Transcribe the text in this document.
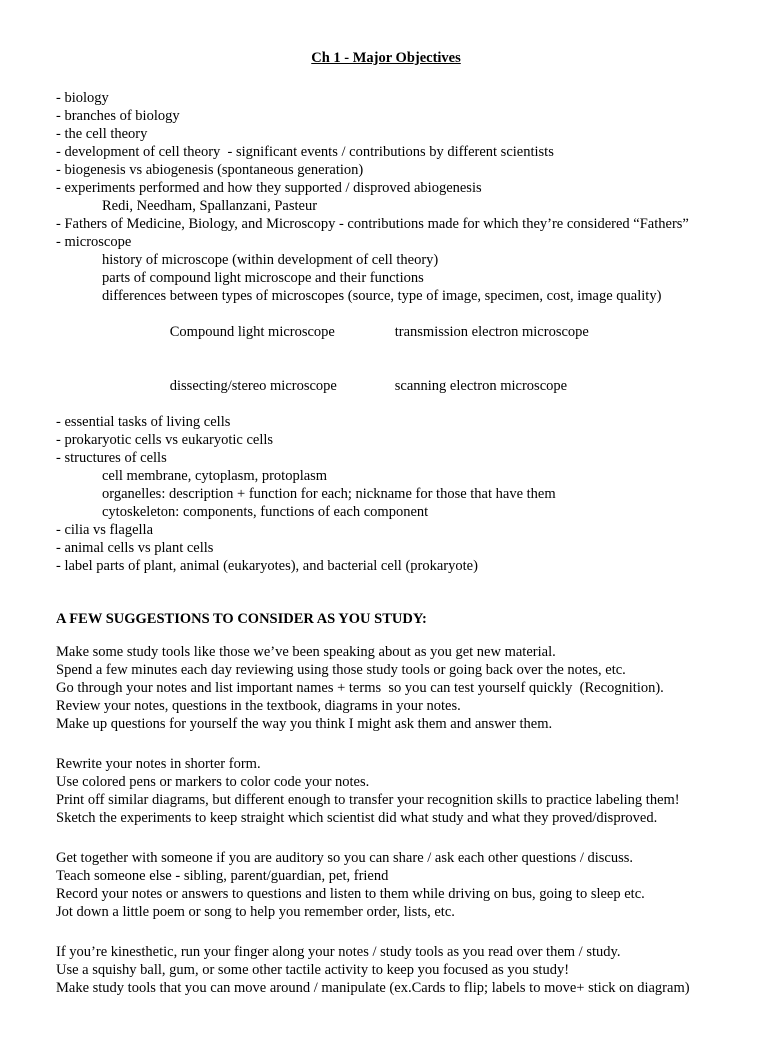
Ch 1 - Major Objectives
- biology
- branches of biology
- the cell theory
- development of cell theory  - significant events / contributions by different scientists
- biogenesis vs abiogenesis (spontaneous generation)
- experiments performed and how they supported / disproved abiogenesis
Redi, Needham, Spallanzani, Pasteur
- Fathers of Medicine, Biology, and Microscopy - contributions made for which they’re considered “Fathers”
- microscope
history of microscope (within development of cell theory)
parts of compound light microscope and their functions
differences between types of microscopes (source, type of image, specimen, cost, image quality)

Compound light microscope	transmission electron microscope

dissecting/stereo microscope	scanning electron microscope

- essential tasks of living cells
- prokaryotic cells vs eukaryotic cells
- structures of cells
cell membrane, cytoplasm, protoplasm
organelles: description + function for each; nickname for those that have them
cytoskeleton: components, functions of each component
- cilia vs flagella
- animal cells vs plant cells
- label parts of plant, animal (eukaryotes), and bacterial cell (prokaryote)
A FEW SUGGESTIONS TO CONSIDER AS YOU STUDY:
Make some study tools like those we’ve been speaking about as you get new material.
Spend a few minutes each day reviewing using those study tools or going back over the notes, etc.
Go through your notes and list important names + terms  so you can test yourself quickly  (Recognition).
Review your notes, questions in the textbook, diagrams in your notes.
Make up questions for yourself the way you think I might ask them and answer them.
Rewrite your notes in shorter form.
Use colored pens or markers to color code your notes.
Print off similar diagrams, but different enough to transfer your recognition skills to practice labeling them!
Sketch the experiments to keep straight which scientist did what study and what they proved/disproved.
Get together with someone if you are auditory so you can share / ask each other questions / discuss.
Teach someone else - sibling, parent/guardian, pet, friend
Record your notes or answers to questions and listen to them while driving on bus, going to sleep etc.
Jot down a little poem or song to help you remember order, lists, etc.
If you’re kinesthetic, run your finger along your notes / study tools as you read over them / study.
Use a squishy ball, gum, or some other tactile activity to keep you focused as you study!
Make study tools that you can move around / manipulate (ex.Cards to flip; labels to move+ stick on diagram)
